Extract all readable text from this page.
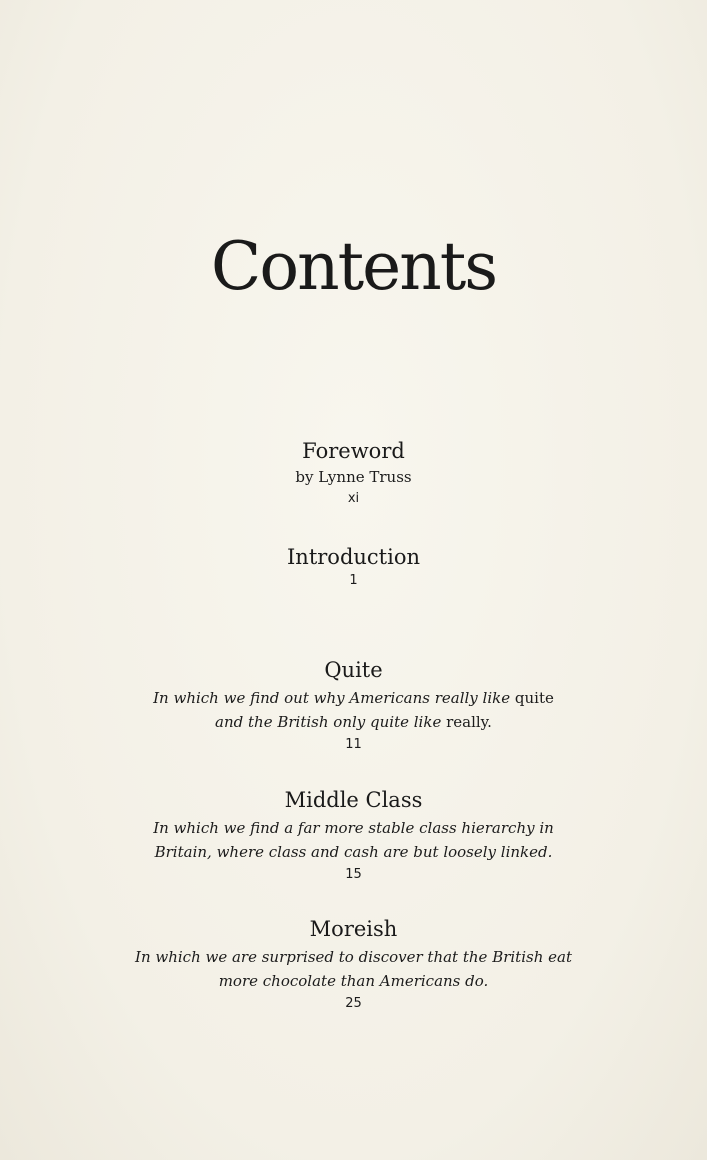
Contents
Foreword
by Lynne Truss
xi
Introduction
1
Quite
In which we find out why Americans really like quite
and the British only quite like really.
11
Middle Class
In which we find a far more stable class hierarchy in
Britain, where class and cash are but loosely linked.
15
Moreish
In which we are surprised to discover that the British eat
more chocolate than Americans do.
25
